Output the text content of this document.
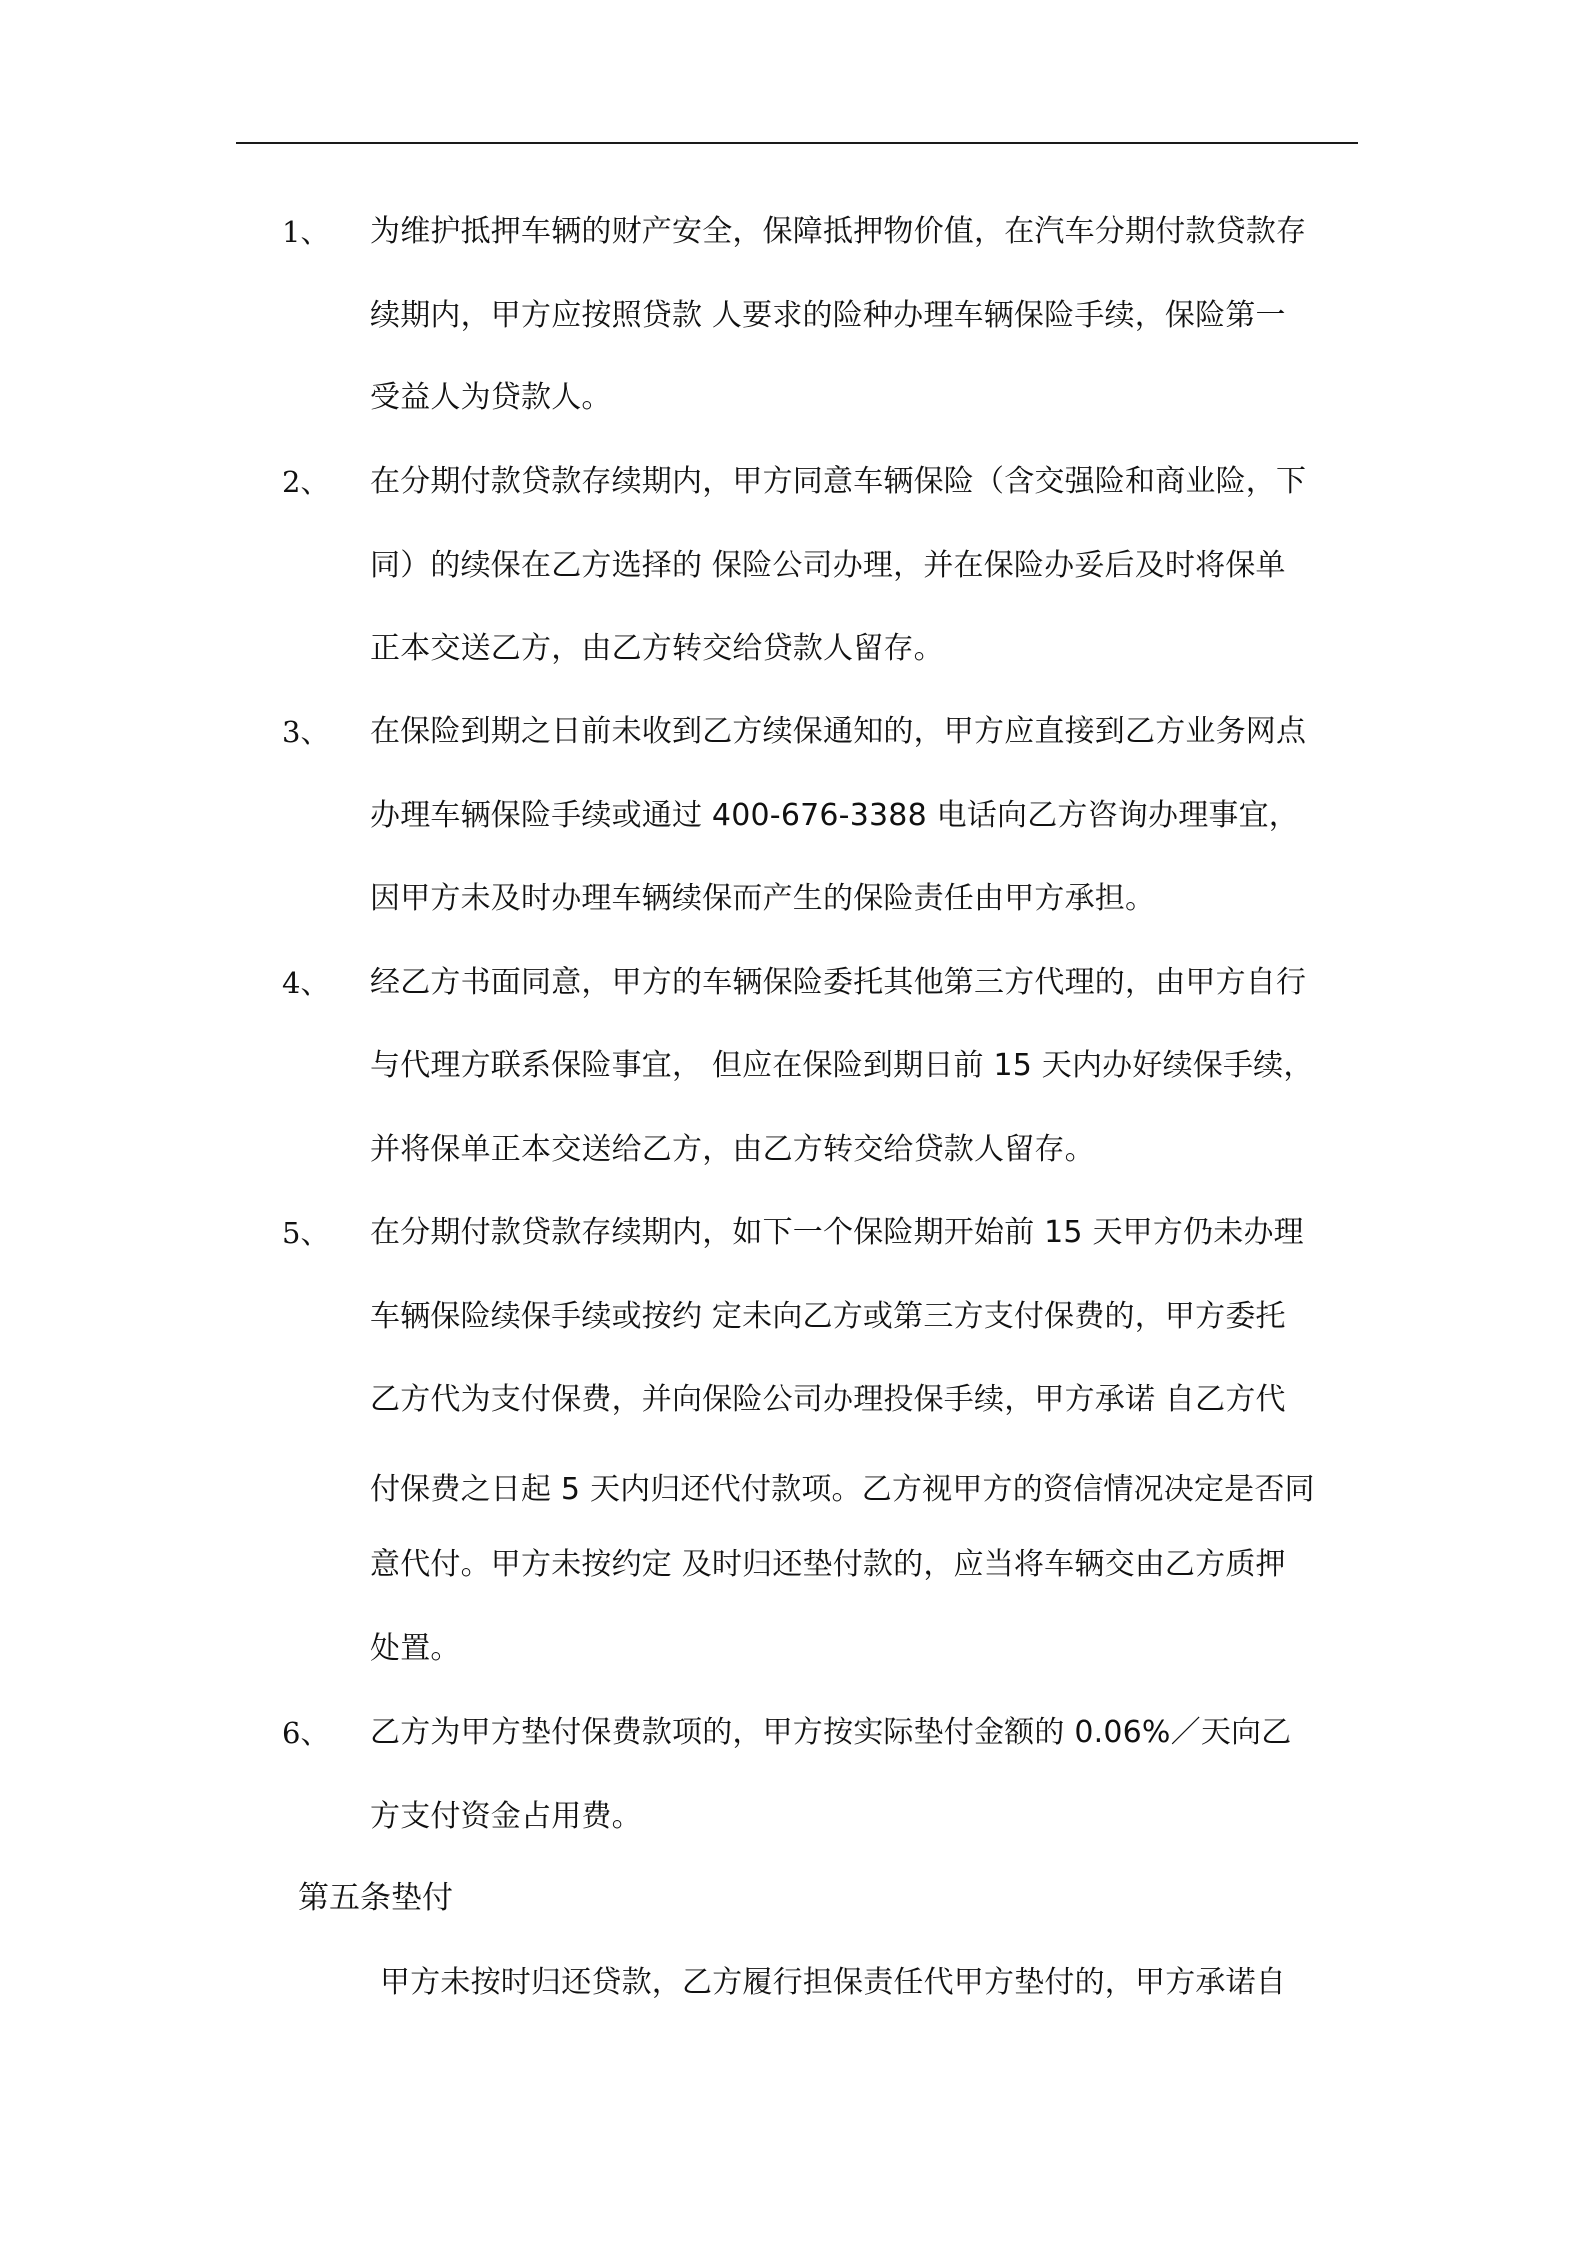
1、	为维护抵押车辆的财产安全，保障抵押物价值，在汽车分期付款贷款存
续期内，甲方应按照贷款 人要求的险种办理车辆保险手续，保险第一
受益人为贷款人。
2、	在分期付款贷款存续期内，甲方同意车辆保险（含交强险和商业险，下
同）的续保在乙方选择的 保险公司办理，并在保险办妥后及时将保单
正本交送乙方，由乙方转交给贷款人留存。
3、	在保险到期之日前未收到乙方续保通知的，甲方应直接到乙方业务网点
办理车辆保险手续或通过 400-676-3388 电话向乙方咨询办理事宜，
因甲方未及时办理车辆续保而产生的保险责任由甲方承担。
4、	经乙方书面同意，甲方的车辆保险委托其他第三方代理的，由甲方自行
与代理方联系保险事宜， 但应在保险到期日前 15 天内办好续保手续，
并将保单正本交送给乙方，由乙方转交给贷款人留存。
5、	在分期付款贷款存续期内，如下一个保险期开始前 15 天甲方仍未办理
车辆保险续保手续或按约 定未向乙方或第三方支付保费的，甲方委托
乙方代为支付保费，并向保险公司办理投保手续，甲方承诺 自乙方代
付保费之日起 5 天内归还代付款项。乙方视甲方的资信情况决定是否同
意代付。甲方未按约定 及时归还垫付款的，应当将车辆交由乙方质押
处置。
6、	乙方为甲方垫付保费款项的，甲方按实际垫付金额的 0.06%／天向乙
方支付资金占用费。
第五条垫付
甲方未按时归还贷款，乙方履行担保责任代甲方垫付的，甲方承诺自
